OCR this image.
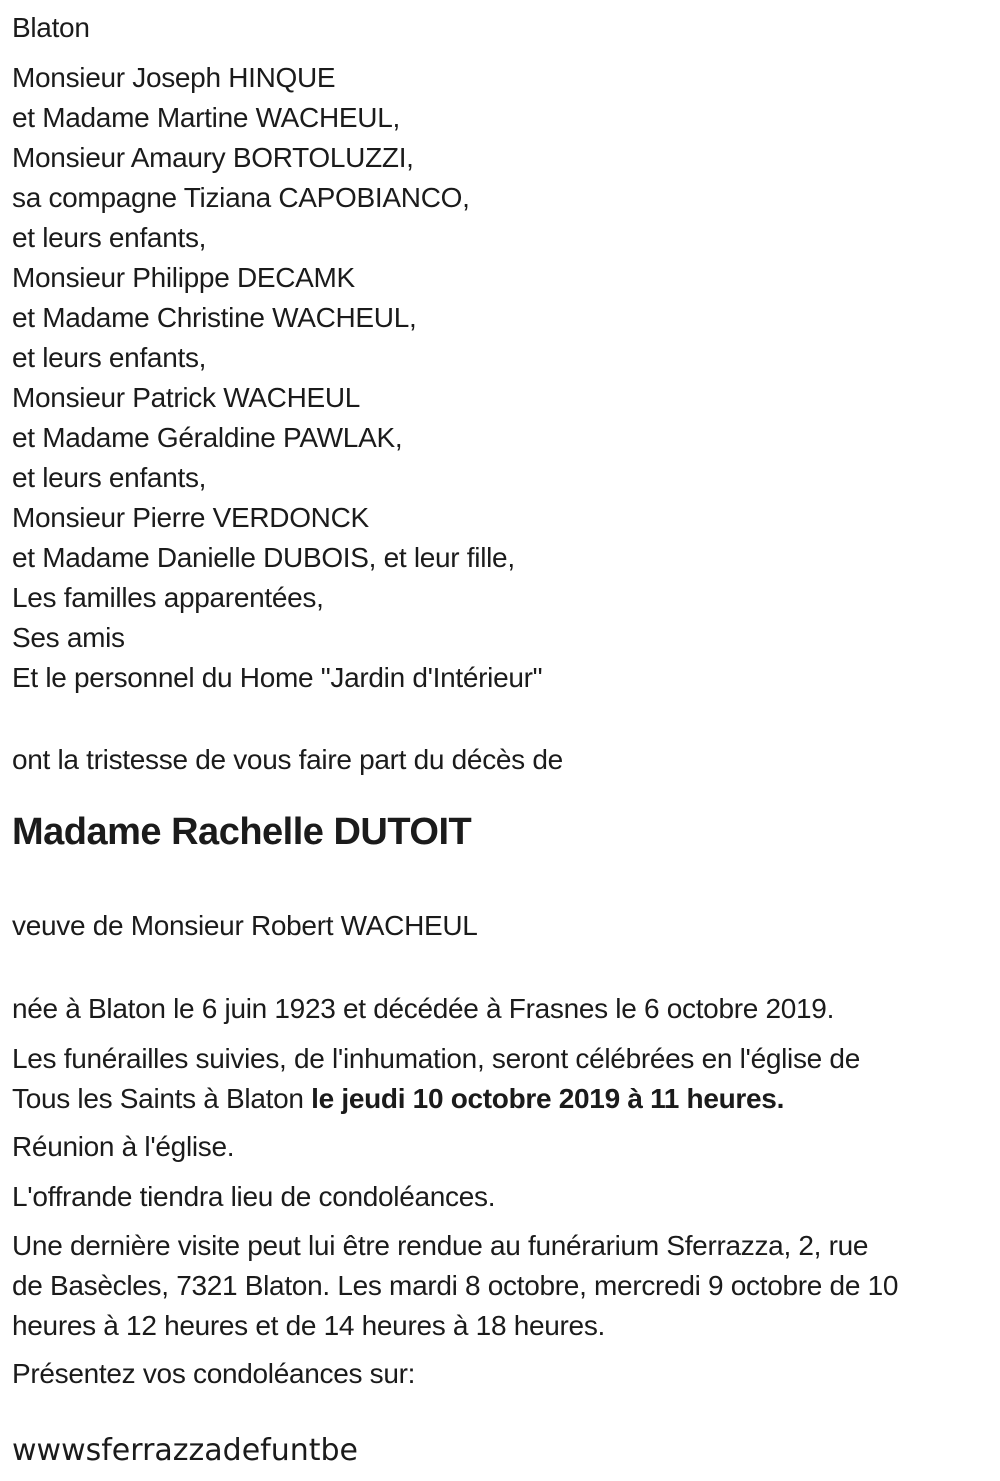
Blaton
Monsieur Joseph HINQUE
et Madame Martine WACHEUL,
Monsieur Amaury BORTOLUZZI,
sa compagne Tiziana CAPOBIANCO,
et leurs enfants,
Monsieur Philippe DECAMK
et Madame Christine WACHEUL,
et leurs enfants,
Monsieur Patrick WACHEUL
et Madame Géraldine PAWLAK,
et leurs enfants,
Monsieur Pierre VERDONCK
et Madame Danielle DUBOIS, et leur fille,
Les familles apparentées,
Ses amis
Et le personnel du Home "Jardin d'Intérieur"
ont la tristesse de vous faire part du décès de
Madame Rachelle DUTOIT
veuve de Monsieur Robert WACHEUL
née à Blaton le 6 juin 1923 et décédée à Frasnes le 6 octobre 2019.
Les funérailles suivies, de l'inhumation, seront célébrées en l'église de
Tous les Saints à Blaton le jeudi 10 octobre 2019 à 11 heures.
Réunion à l'église.
L'offrande tiendra lieu de condoléances.
Une dernière visite peut lui être rendue au funérarium Sferrazza, 2, rue
de Basècles, 7321 Blaton. Les mardi 8 octobre, mercredi 9 octobre de 10
heures à 12 heures et de 14 heures à 18 heures.
Présentez vos condoléances sur:
wwwsferrazzadefuntbe
